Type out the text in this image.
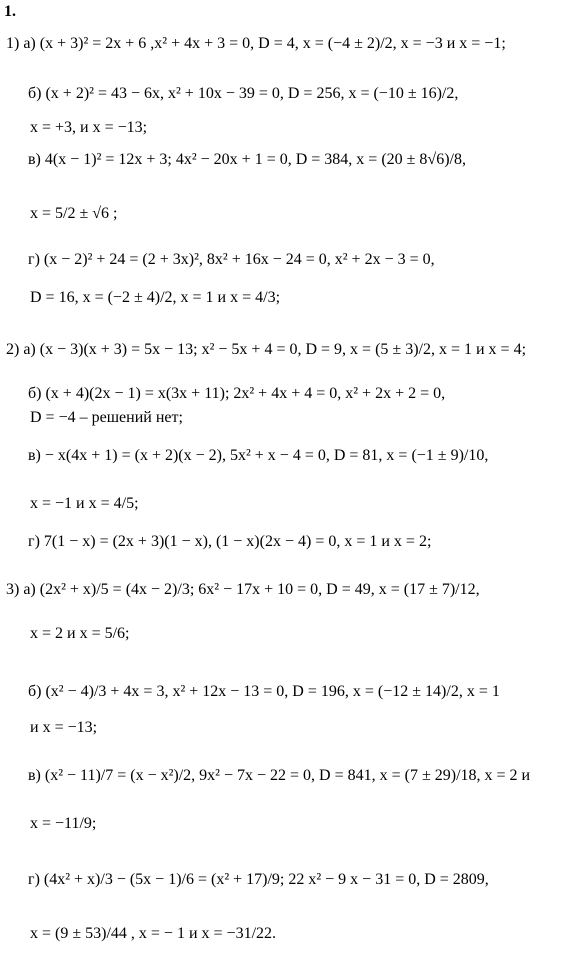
1.
1) а) (x + 3)² = 2x + 6 ,x² + 4x + 3 = 0, D = 4, x = (−4 ± 2)/2, x = −3 и x = −1;
б) (x + 2)² = 43 − 6x, x² + 10x − 39 = 0, D = 256, x = (−10 ± 16)/2,
x = +3, и x = −13;
в) 4(x − 1)² = 12x + 3; 4x² − 20x + 1 = 0, D = 384, x = (20 ± 8√6)/8,
x = 5/2 ± √6 ;
г) (x − 2)² + 24 = (2 + 3x)², 8x² + 16x − 24 = 0, x² + 2x − 3 = 0,
D = 16, x = (−2 ± 4)/2, x = 1 и x = 4/3;
2) а) (x − 3)(x + 3) = 5x − 13; x² − 5x + 4 = 0, D = 9, x = (5 ± 3)/2, x = 1 и x = 4;
б) (x + 4)(2x − 1) = x(3x + 11); 2x² + 4x + 4 = 0, x² + 2x + 2 = 0,
D = −4 – решений нет;
в) − x(4x + 1) = (x + 2)(x − 2), 5x² + x − 4 = 0, D = 81, x = (−1 ± 9)/10,
x = −1 и x = 4/5;
г) 7(1 − x) = (2x + 3)(1 − x), (1 − x)(2x − 4) = 0, x = 1 и x = 2;
3) а) (2x² + x)/5 = (4x − 2)/3; 6x² − 17x + 10 = 0, D = 49, x = (17 ± 7)/12,
x = 2 и x = 5/6;
б) (x² − 4)/3 + 4x = 3, x² + 12x − 13 = 0, D = 196, x = (−12 ± 14)/2, x = 1
и x = −13;
в) (x² − 11)/7 = (x − x²)/2, 9x² − 7x − 22 = 0, D = 841, x = (7 ± 29)/18, x = 2 и
x = −11/9;
г) (4x² + x)/3 − (5x − 1)/6 = (x² + 17)/9; 22 x² − 9 x − 31 = 0, D = 2809,
x = (9 ± 53)/44 , x = − 1 и x = −31/22.
